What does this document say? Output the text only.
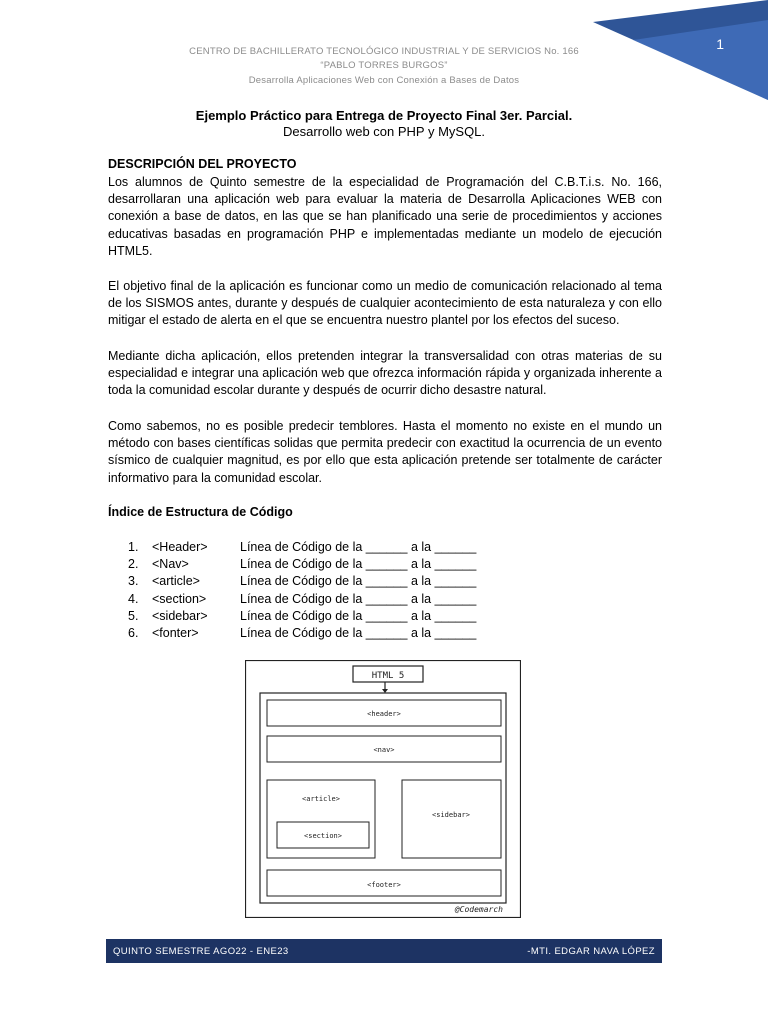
1
CENTRO DE BACHILLERATO TECNOLÓGICO INDUSTRIAL Y DE SERVICIOS No. 166
“PABLO TORRES BURGOS”
Desarrolla Aplicaciones Web con Conexión a Bases de Datos
Ejemplo Práctico para Entrega de Proyecto Final 3er. Parcial.
Desarrollo web con PHP y MySQL.
DESCRIPCIÓN DEL PROYECTO

Los alumnos de Quinto semestre de la especialidad de Programación del C.B.T.i.s. No. 166, desarrollaran una aplicación web para evaluar la materia de Desarrolla Aplicaciones WEB con conexión a base de datos, en las que se han planificado una serie de procedimientos y acciones educativas basadas en programación PHP e implementadas mediante un modelo de ejecución HTML5.

El objetivo final de la aplicación es funcionar como un medio de comunicación relacionado al tema de los SISMOS antes, durante y después de cualquier acontecimiento de esta naturaleza y con ello mitigar el estado de alerta en el que se encuentra nuestro plantel por los efectos del suceso.

Mediante dicha aplicación, ellos pretenden integrar la transversalidad con otras materias de su especialidad e integrar una aplicación web que ofrezca información rápida y organizada inherente a toda la comunidad escolar durante y después de ocurrir dicho desastre natural.

Como sabemos, no es posible predecir temblores. Hasta el momento no existe en el mundo un método con bases científicas solidas que permita predecir con exactitud la ocurrencia de un evento sísmico de cualquier magnitud, es por ello que esta aplicación pretende ser totalmente de carácter informativo para la comunidad escolar.

Índice de Estructura de Código
1. <Header>	Línea de Código de la ______ a la ______
2. <Nav>	Línea de Código de la ______ a la ______
3. <article>	Línea de Código de la ______ a la ______
4. <section>	Línea de Código de la ______ a la ______
5. <sidebar>	Línea de Código de la ______ a la ______
6. <fonter>	Línea de Código de la ______ a la ______
HTML 5
<header>
<nav>
<article>
<section>
<sidebar>
<footer>
@Codemarch
QUINTO SEMESTRE AGO22 - ENE23	-MTI. EDGAR NAVA LÓPEZ
